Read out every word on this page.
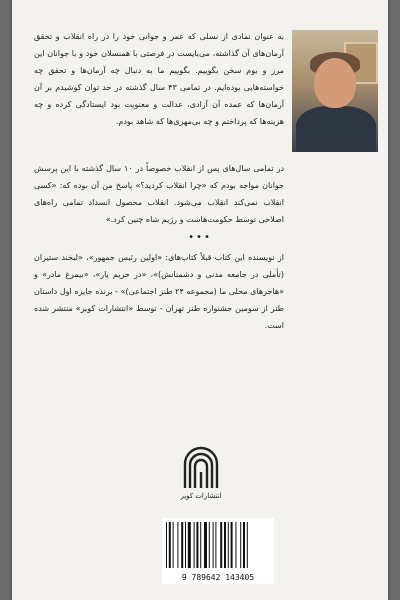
به عنوان نمادی از نسلی که عمر و جوانی خود را در راه انقلاب و تحقق آرمان‌های آن گذاشته، می‌بایست در فرصتی با همنسلان خود و با جوانان این مرز و بوم سخن بگوییم. بگوییم ما به دنبال چه آرمان‌ها و تحقق چه خواسته‌هایی بوده‌ایم. در تمامی ۴۳ سال گذشته در حد توان کوشیدم بر آن آرمان‌ها که عمده آن آزادی، عدالت و معنویت بود ایستادگی کرده و چه هزینه‌ها که پرداختم و چه بی‌مهری‌ها که شاهد بودم.
در تمامی سال‌های پس از انقلاب خصوصاً در ۱۰ سال گذشته با این پرسش جوانان مواجه بودم که «چرا انقلاب کردید؟» پاسخ من آن بوده که: «کسی انقلاب نمی‌کند انقلاب می‌شود. انقلاب محصول انسداد تمامی راه‌های اصلاحی توسط حکومت‌هاست و رژیم شاه چنین کرد.»
•••
از نویسنده این کتاب قبلاً کتاب‌های: «اولین رئیس جمهور»، «لبخند ستیزان (تأملی در جامعه مدنی و دشمنانش)»، «در حریم یار»، «بیمرغ مادر» و «هاجرهای محلی ما (مجموعه ۲۴ طنز اجتماعی)» - برنده جایزه اول داستان طنز از سومین جشنواره طنز تهران - توسط «انتشارات کویر» منتشر شده است.
انتشارات کویر
9 789642 143405
